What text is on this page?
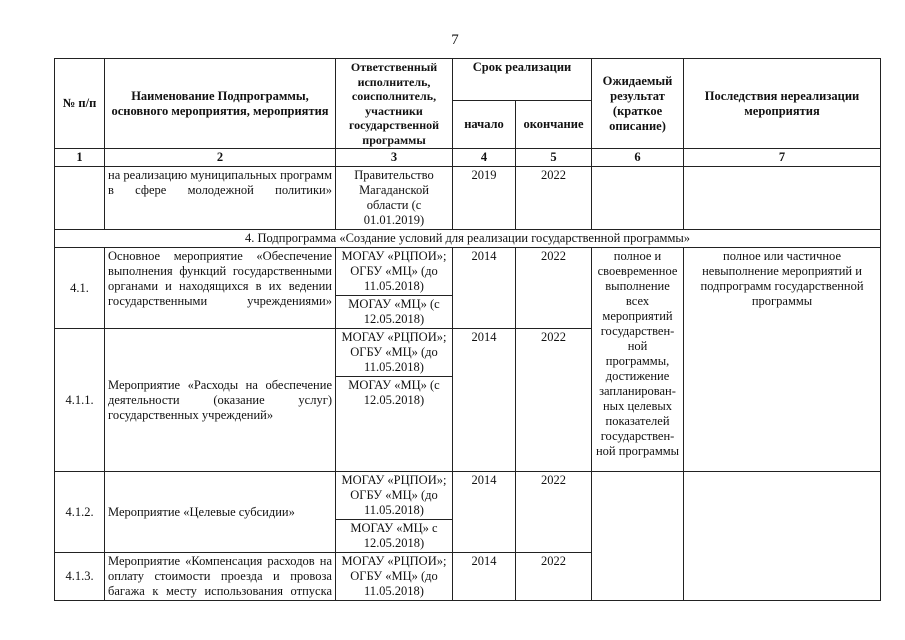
7
№ п/п	Наименование Подпрограммы, основного мероприятия, мероприятия	Ответственный исполнитель, соисполнитель, участники государственной программы	Срок реализации		Ожидаемый результат (краткое описание)	Последствия нереализации мероприятия
			начало	окончание		
1	2	3	4	5	6	7
	на реализацию муниципальных программ в сфере молодежной политики»	Правительство Магаданской области (с 01.01.2019)	2019	2022		
4. Подпрограмма «Создание условий для реализации государственной программы»						
4.1.	Основное мероприятие «Обеспечение выполнения функций государственными органами и находящихся в их ведении государственными учреждениями»	МОГАУ «РЦПОИ»; ОГБУ «МЦ» (до 11.05.2018)	2014	2022	полное и своевременное выполнение всех мероприятий государствен-ной программы, достижение запланирован-ных целевых показателей государствен-ной программы	полное или частичное невыполнение мероприятий и подпрограмм государственной программы
		МОГАУ «МЦ» (с 12.05.2018)				
4.1.1.	Мероприятие «Расходы на обеспечение деятельности (оказание услуг) государственных учреждений»	МОГАУ «РЦПОИ»; ОГБУ «МЦ» (до 11.05.2018)	2014	2022		
		МОГАУ «МЦ» (с 12.05.2018)				
4.1.2.	Мероприятие «Целевые субсидии»	МОГАУ «РЦПОИ»; ОГБУ «МЦ» (до 11.05.2018)	2014	2022		
		МОГАУ «МЦ» с 12.05.2018)				
4.1.3.	Мероприятие «Компенсация расходов на оплату стоимости проезда и провоза багажа к месту использования отпуска	МОГАУ «РЦПОИ»; ОГБУ «МЦ» (до 11.05.2018)	2014	2022		
